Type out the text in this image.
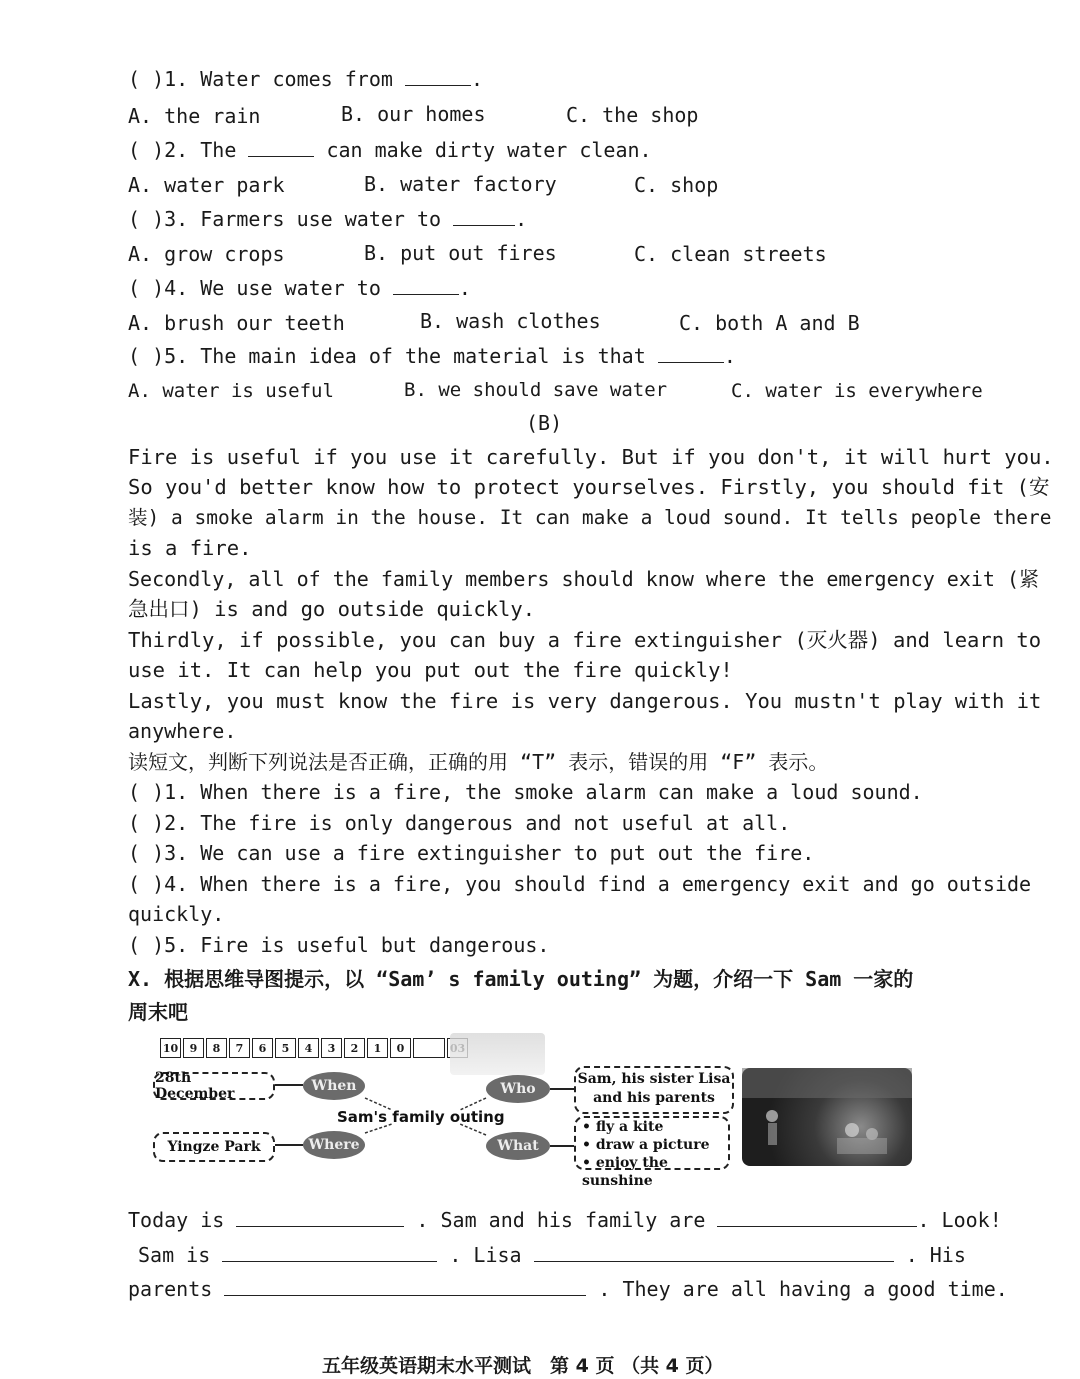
( )1. Water comes from	.
A. the rain	B. our homes	C. the shop
( )2. The	can make dirty water clean.
A. water park	B. water factory	C. shop
( )3. Farmers use water to	.
A. grow crops	B. put out fires	C. clean streets
( )4. We use water to	.
A. brush our teeth	B. wash clothes	C. both A and B
( )5. The main idea of the material is that	.
A. water is useful	B. we should save water	C. water is everywhere
(B)
Fire is useful if you use it carefully. But if you don't, it will hurt you.
So you'd better know how to protect yourselves. Firstly, you should fit (安
装) a smoke alarm in the house. It can make a loud sound. It tells people there
is a fire.
Secondly, all of the family members should know where the emergency exit (紧
急出口) is and go outside quickly.
Thirdly, if possible, you can buy a fire extinguisher (灭火器) and learn to
use it. It can help you put out the fire quickly!
Lastly, you must know the fire is very dangerous. You mustn't play with it
anywhere.
读短文，判断下列说法是否正确，正确的用 “T” 表示，错误的用 “F” 表示。
( )1. When there is a fire, the smoke alarm can make a loud sound.
( )2. The fire is only dangerous and not useful at all.
( )3. We can use a fire extinguisher to put out the fire.
( )4. When there is a fire, you should find a emergency exit and go outside
quickly.
( )5. Fire is useful but dangerous.
X. 根据思维导图提示，以 “Sam’ s family outing” 为题，介绍一下 Sam 一家的
周末吧
10	9	8	7	6	5	4	3	2	1	0
28th December
Yingze Park
When
Where
Who
What
Sam's family outing
Sam, his sister Lisa
and his parents
• fly a kite
• draw a picture
• enjoy the sunshine
Today is	. Sam and his family are	. Look!
Sam is	. Lisa	. His
parents	. They are all having a good time.
五年级英语期末水平测试　第 4 页 （共 4 页）
